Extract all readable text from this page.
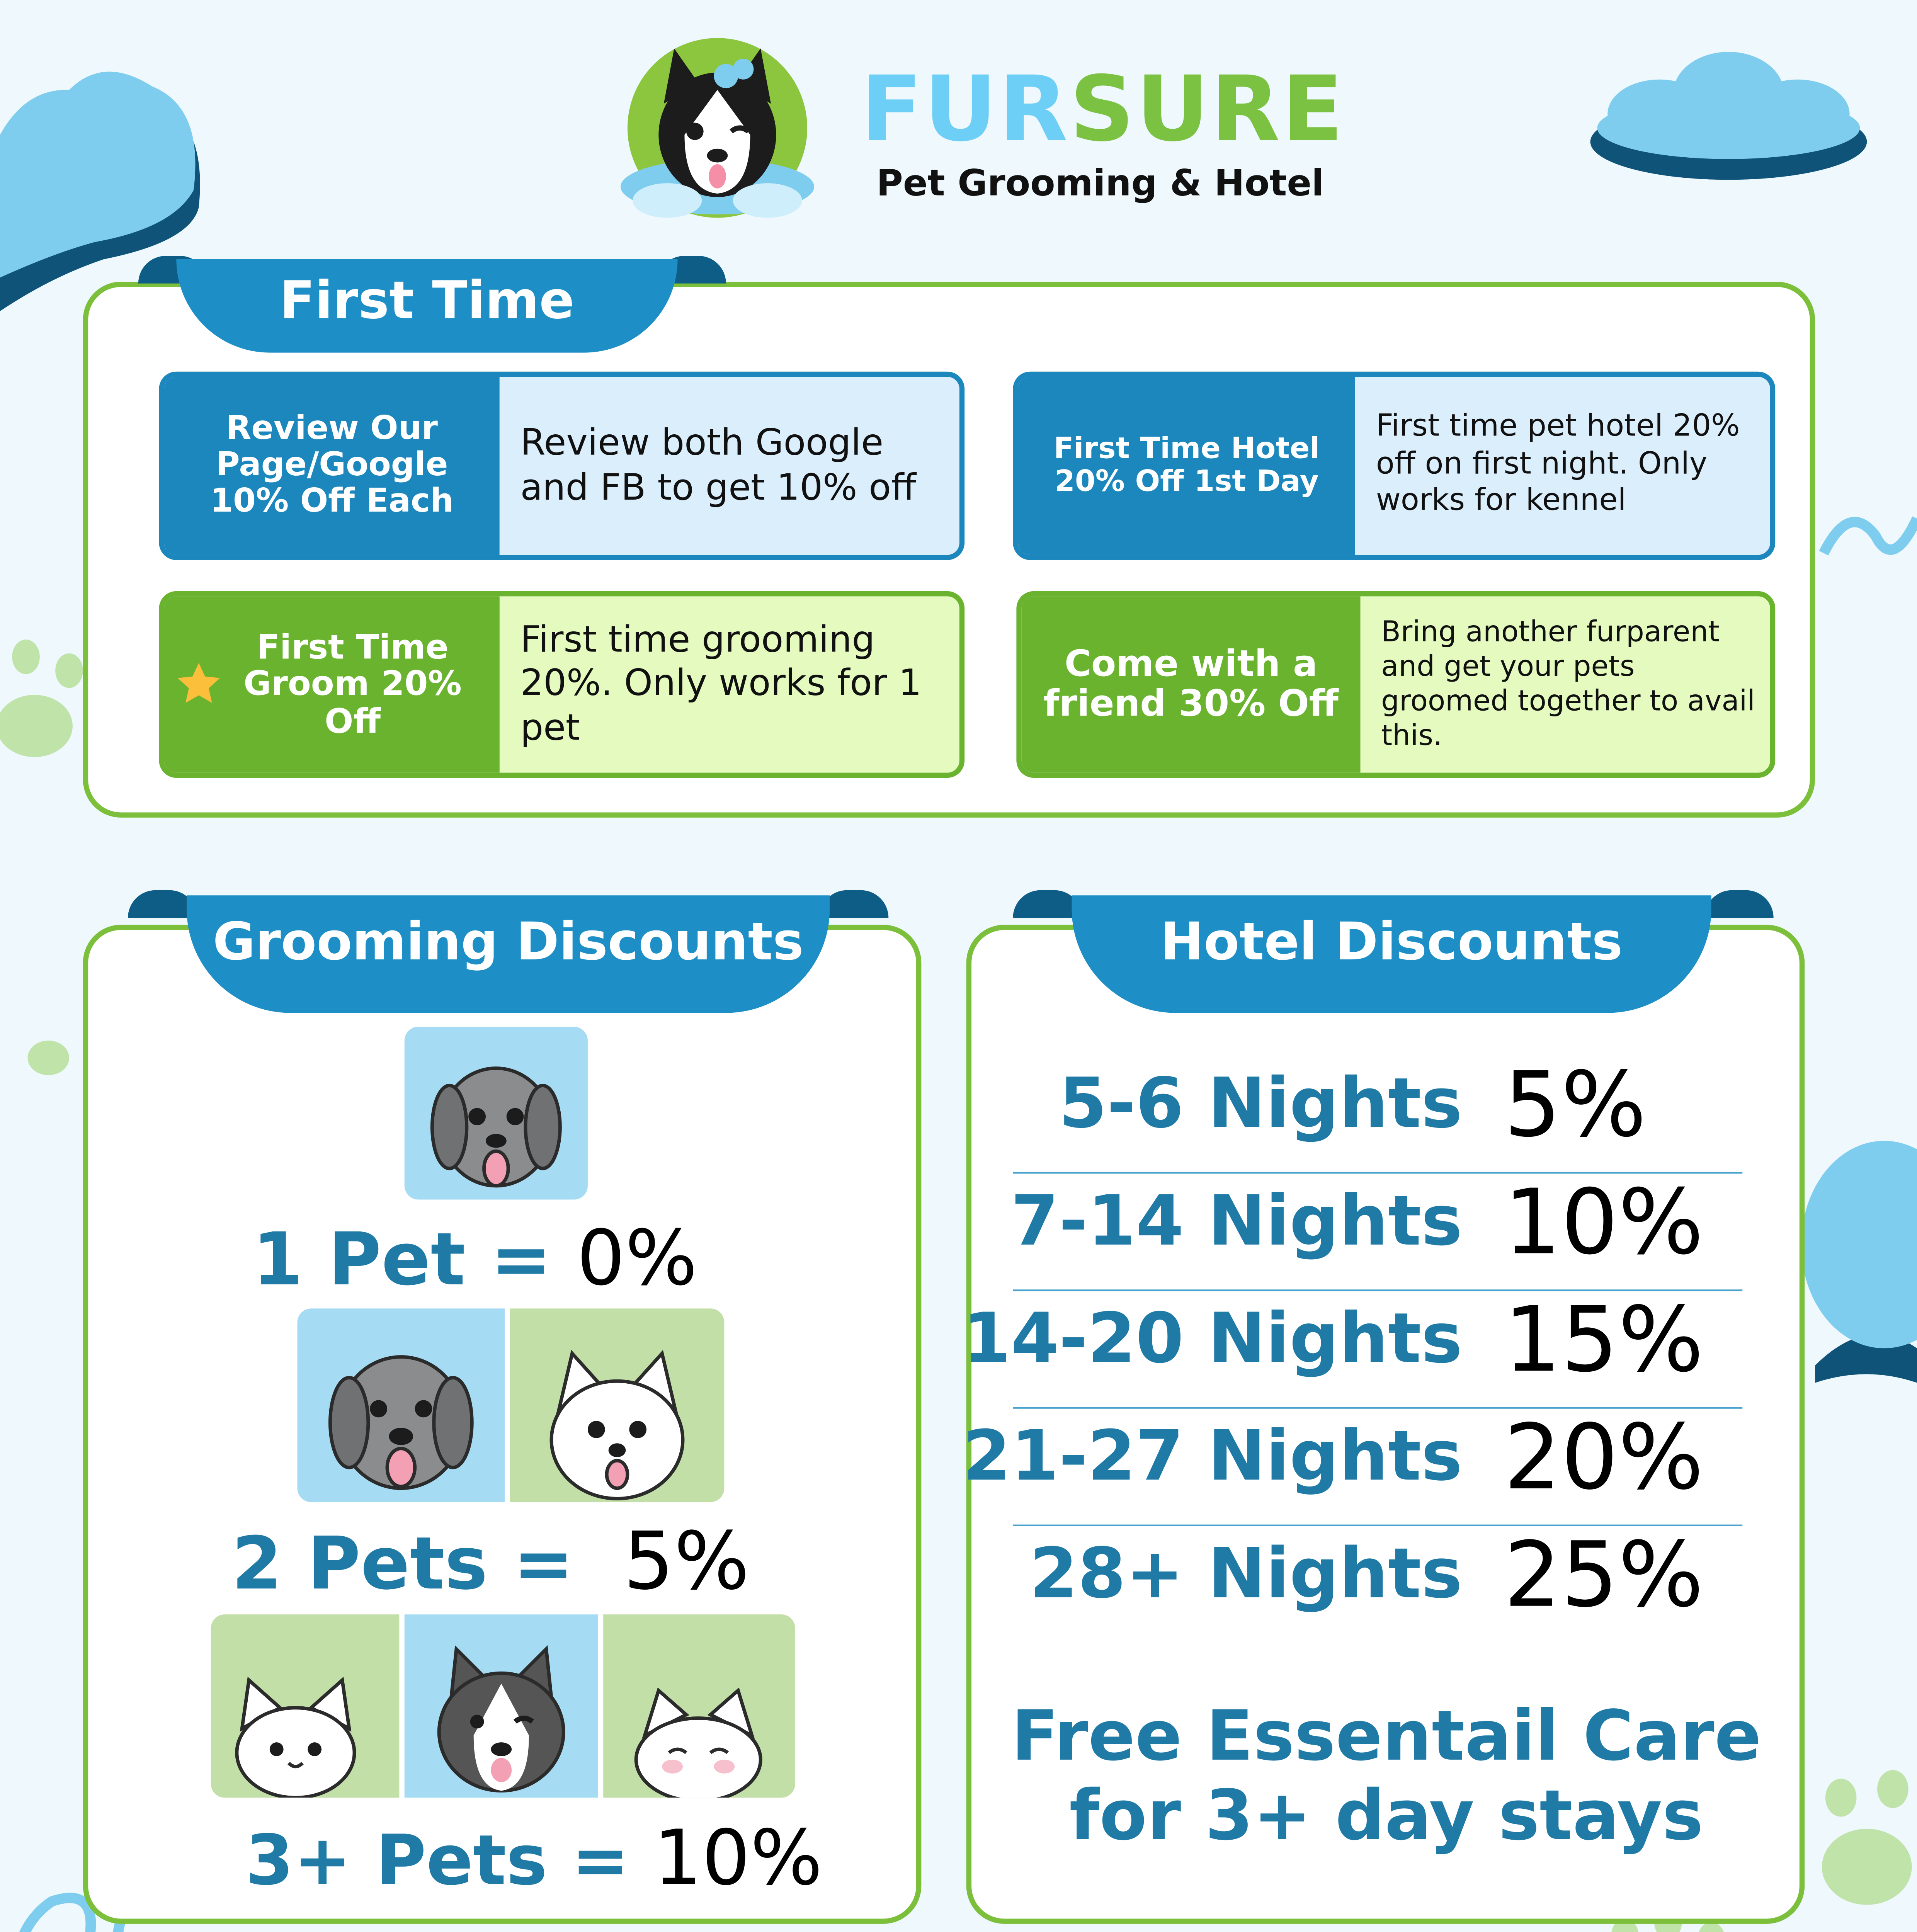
FURSURE
Pet Grooming & Hotel
First Time
Review Our Page/Google 10% Off Each
Review both Google and FB to get 10% off
First Time Hotel 20% Off 1st Day
First time pet hotel 20% off on first night. Only works for kennel
First Time Groom 20% Off
First time grooming 20%. Only works for 1 pet
Come with a friend 30% Off
Bring another furparent and get your pets groomed together to avail this.
Grooming Discounts
1 Pet = 0%
2 Pets =	5%
3+ Pets = 10%
Hotel Discounts
5-6 Nights 5%
7-14 Nights 10%
14-20 Nights 15%
21-27 Nights 20%
28+ Nights 25%
Free Essentail Care
for 3+ day stays
